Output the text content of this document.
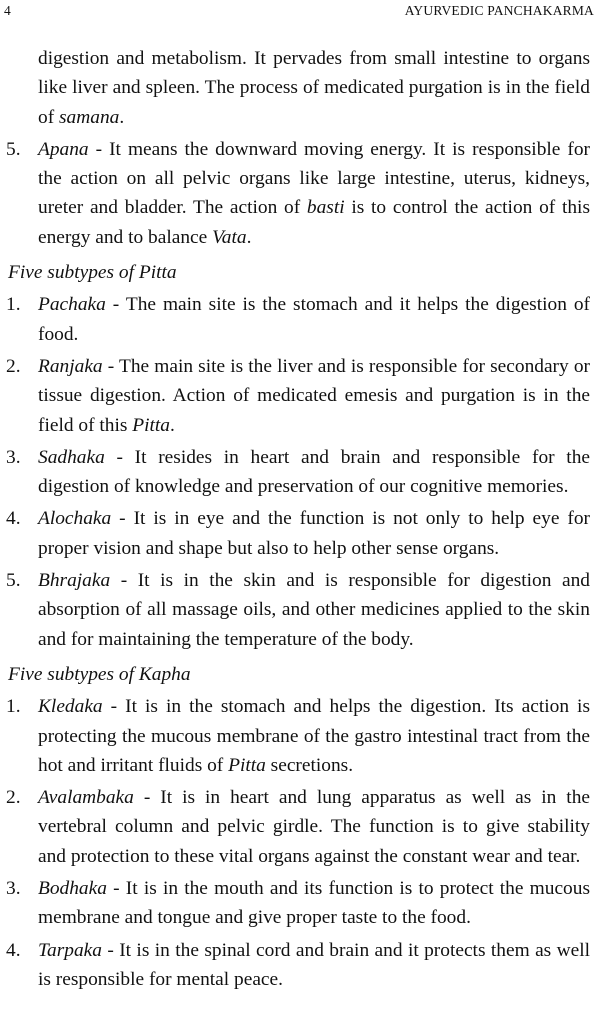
4	AYURVEDIC PANCHAKARMA

digestion and metabolism. It pervades from small intestine to organs like liver and spleen. The process of medicated purgation is in the field of samana.

5. Apana - It means the downward moving energy. It is responsible for the action on all pelvic organs like large intestine, uterus, kidneys, ureter and bladder. The action of basti is to control the action of this energy and to balance Vata.
Five subtypes of Pitta
1. Pachaka - The main site is the stomach and it helps the digestion of food.
2. Ranjaka - The main site is the liver and is responsible for secondary or tissue digestion. Action of medicated emesis and purgation is in the field of this Pitta.
3. Sadhaka - It resides in heart and brain and responsible for the digestion of knowledge and preservation of our cognitive memories.
4. Alochaka - It is in eye and the function is not only to help eye for proper vision and shape but also to help other sense organs.
5. Bhrajaka - It is in the skin and is responsible for digestion and absorption of all massage oils, and other medicines applied to the skin and for maintaining the temperature of the body.
Five subtypes of Kapha
1. Kledaka - It is in the stomach and helps the digestion. Its action is protecting the mucous membrane of the gastro intestinal tract from the hot and irritant fluids of Pitta secretions.
2. Avalambaka - It is in heart and lung apparatus as well as in the vertebral column and pelvic girdle. The function is to give stability and protection to these vital organs against the constant wear and tear.
3. Bodhaka - It is in the mouth and its function is to protect the mucous membrane and tongue and give proper taste to the food.
4. Tarpaka - It is in the spinal cord and brain and it protects them as well is responsible for mental peace.
